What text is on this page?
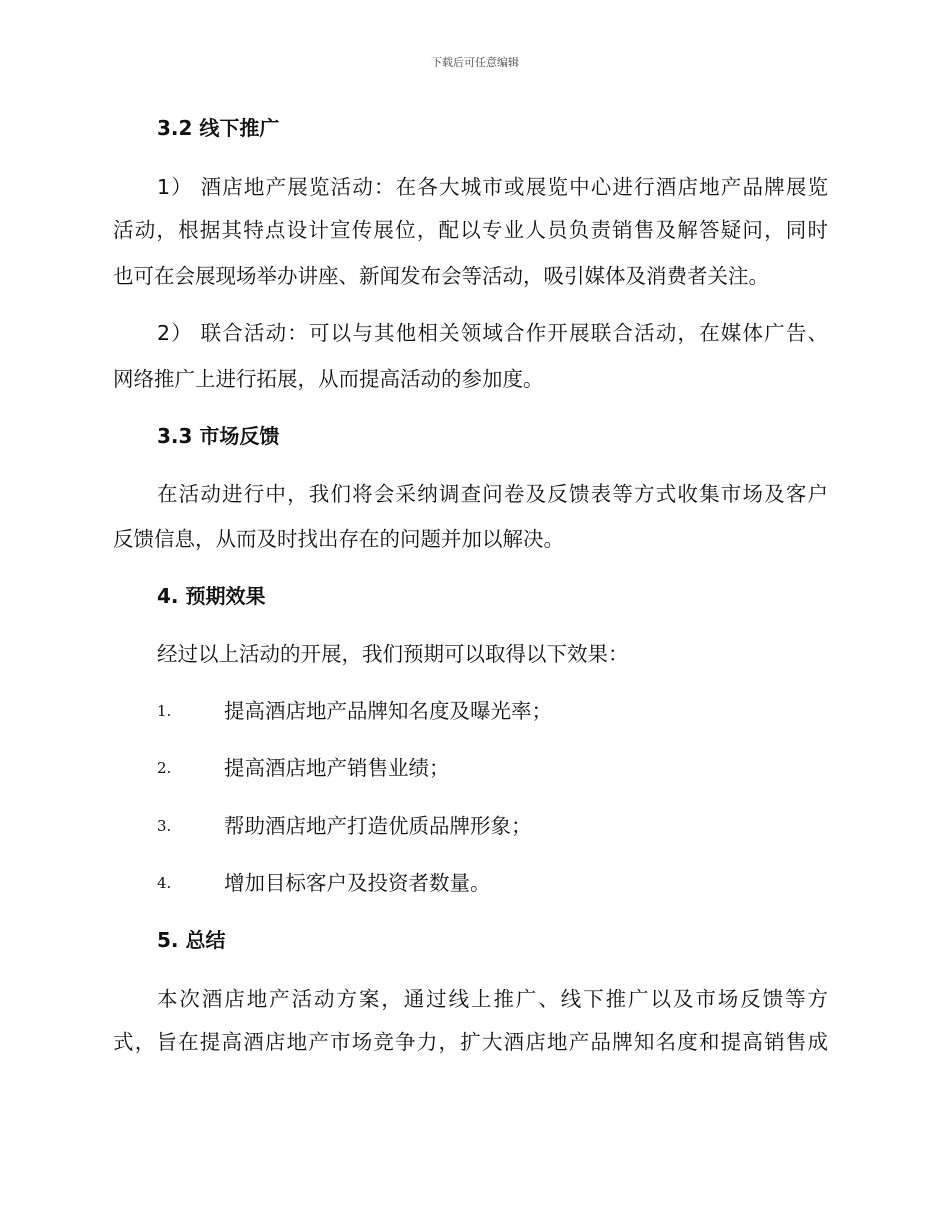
下载后可任意编辑
3.2 线下推广
1） 酒店地产展览活动：在各大城市或展览中心进行酒店地产品牌展览
活动，根据其特点设计宣传展位，配以专业人员负责销售及解答疑问，同时
也可在会展现场举办讲座、新闻发布会等活动，吸引媒体及消费者关注。
2） 联合活动：可以与其他相关领域合作开展联合活动，在媒体广告、
网络推广上进行拓展，从而提高活动的参加度。
3.3 市场反馈
在活动进行中，我们将会采纳调查问卷及反馈表等方式收集市场及客户
反馈信息，从而及时找出存在的问题并加以解决。
4. 预期效果
经过以上活动的开展，我们预期可以取得以下效果：
1.	提高酒店地产品牌知名度及曝光率；
2.	提高酒店地产销售业绩；
3.	帮助酒店地产打造优质品牌形象；
4.	增加目标客户及投资者数量。
5. 总结
本次酒店地产活动方案，通过线上推广、线下推广以及市场反馈等方
式，旨在提高酒店地产市场竞争力，扩大酒店地产品牌知名度和提高销售成
